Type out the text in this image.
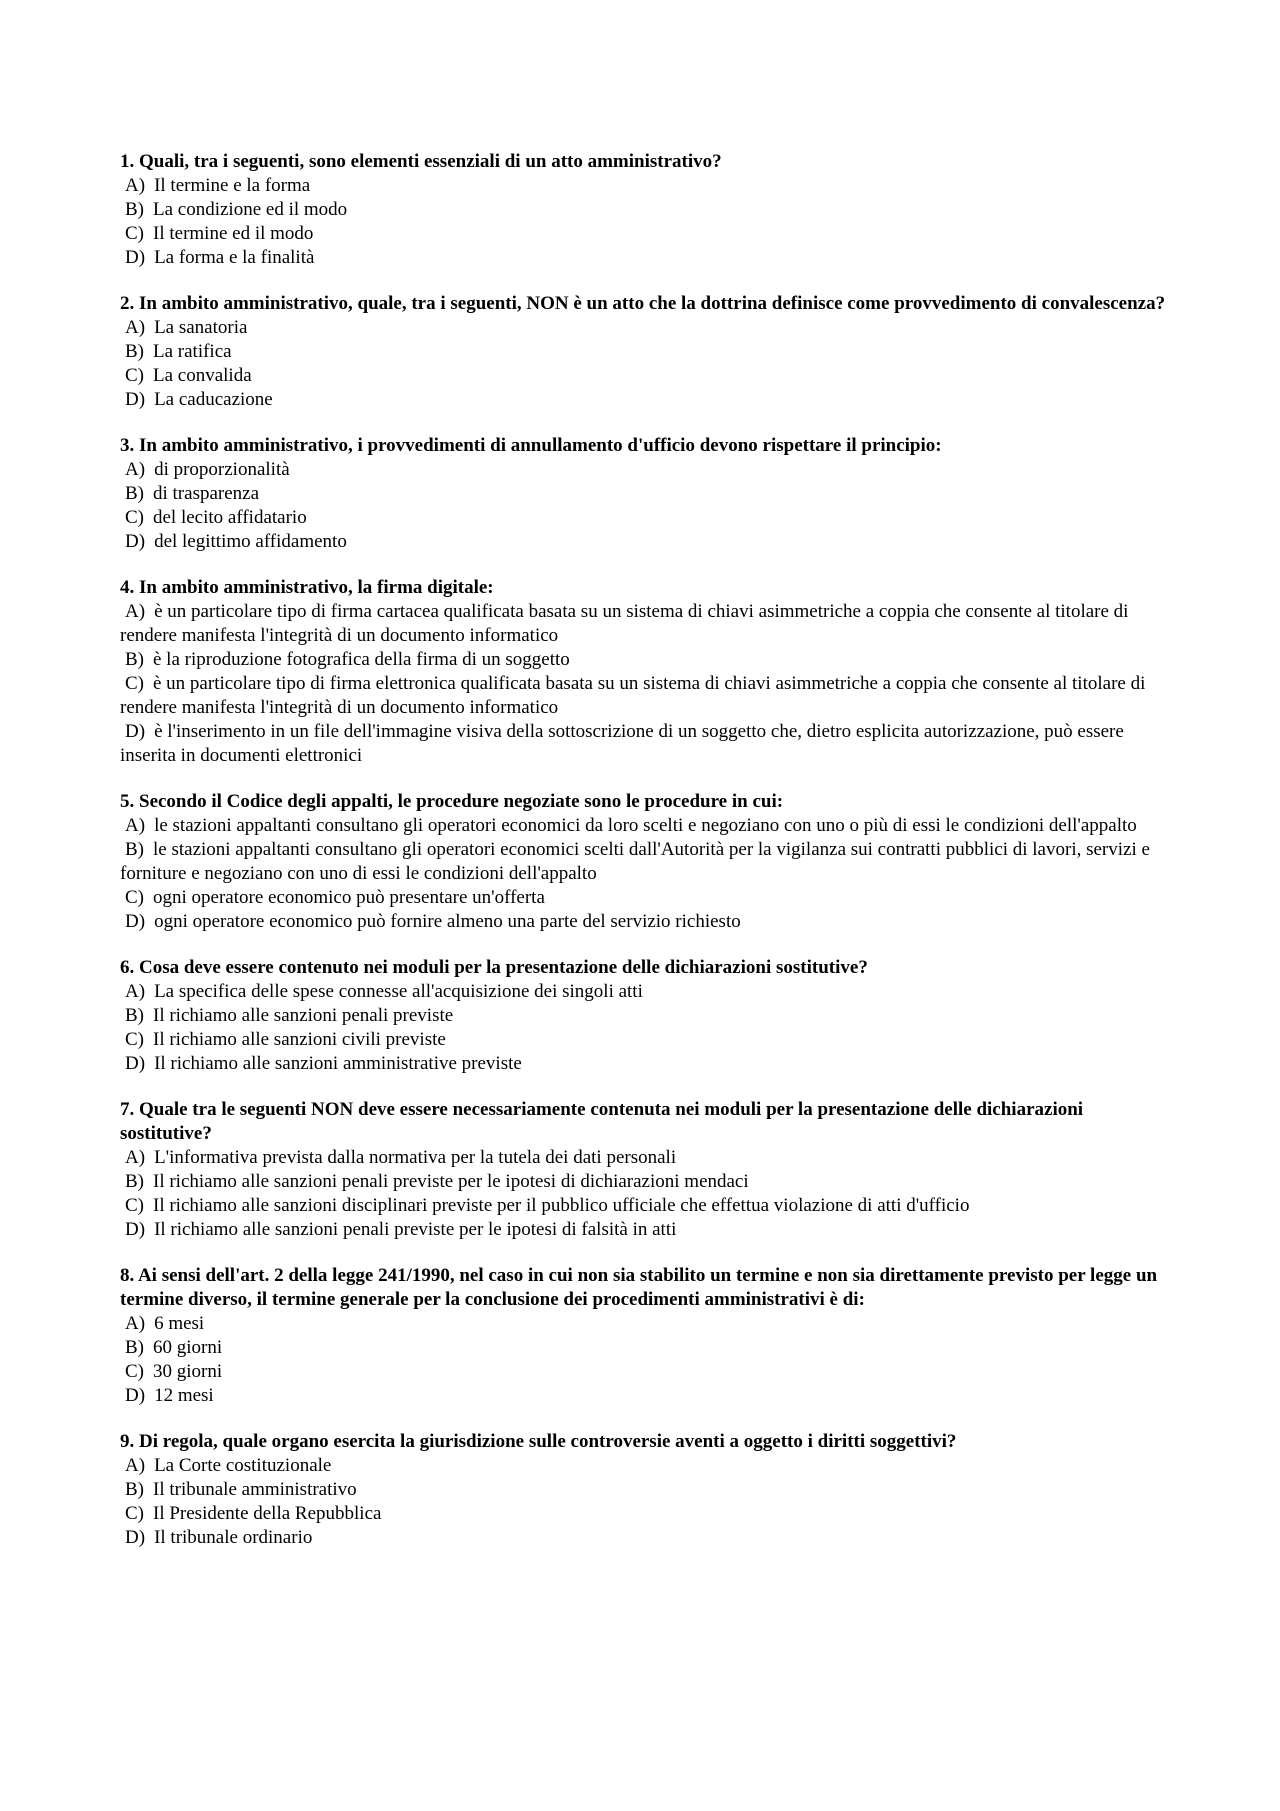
1. Quali, tra i seguenti, sono elementi essenziali di un atto amministrativo?
A) Il termine e la forma
B) La condizione ed il modo
C) Il termine ed il modo
D) La forma e la finalità
2. In ambito amministrativo, quale, tra i seguenti, NON è un atto che la dottrina definisce come provvedimento di convalescenza?
A) La sanatoria
B) La ratifica
C) La convalida
D) La caducazione
3. In ambito amministrativo, i provvedimenti di annullamento d'ufficio devono rispettare il principio:
A) di proporzionalità
B) di trasparenza
C) del lecito affidatario
D) del legittimo affidamento
4. In ambito amministrativo, la firma digitale:
A) è un particolare tipo di firma cartacea qualificata basata su un sistema di chiavi asimmetriche a coppia che consente al titolare di rendere manifesta l'integrità di un documento informatico
B) è la riproduzione fotografica della firma di un soggetto
C) è un particolare tipo di firma elettronica qualificata basata su un sistema di chiavi asimmetriche a coppia che consente al titolare di rendere manifesta l'integrità di un documento informatico
D) è l'inserimento in un file dell'immagine visiva della sottoscrizione di un soggetto che, dietro esplicita autorizzazione, può essere inserita in documenti elettronici
5. Secondo il Codice degli appalti, le procedure negoziate sono le procedure in cui:
A) le stazioni appaltanti consultano gli operatori economici da loro scelti e negoziano con uno o più di essi le condizioni dell'appalto
B) le stazioni appaltanti consultano gli operatori economici scelti dall'Autorità per la vigilanza sui contratti pubblici di lavori, servizi e forniture e negoziano con uno di essi le condizioni dell'appalto
C) ogni operatore economico può presentare un'offerta
D) ogni operatore economico può fornire almeno una parte del servizio richiesto
6. Cosa deve essere contenuto nei moduli per la presentazione delle dichiarazioni sostitutive?
A) La specifica delle spese connesse all'acquisizione dei singoli atti
B) Il richiamo alle sanzioni penali previste
C) Il richiamo alle sanzioni civili previste
D) Il richiamo alle sanzioni amministrative previste
7. Quale tra le seguenti NON deve essere necessariamente contenuta nei moduli per la presentazione delle dichiarazioni sostitutive?
A) L'informativa prevista dalla normativa per la tutela dei dati personali
B) Il richiamo alle sanzioni penali previste per le ipotesi di dichiarazioni mendaci
C) Il richiamo alle sanzioni disciplinari previste per il pubblico ufficiale che effettua violazione di atti d'ufficio
D) Il richiamo alle sanzioni penali previste per le ipotesi di falsità in atti
8. Ai sensi dell'art. 2 della legge 241/1990, nel caso in cui non sia stabilito un termine e non sia direttamente previsto per legge un termine diverso, il termine generale per la conclusione dei procedimenti amministrativi è di:
A) 6 mesi
B) 60 giorni
C) 30 giorni
D) 12 mesi
9. Di regola, quale organo esercita la giurisdizione sulle controversie aventi a oggetto i diritti soggettivi?
A) La Corte costituzionale
B) Il tribunale amministrativo
C) Il Presidente della Repubblica
D) Il tribunale ordinario
